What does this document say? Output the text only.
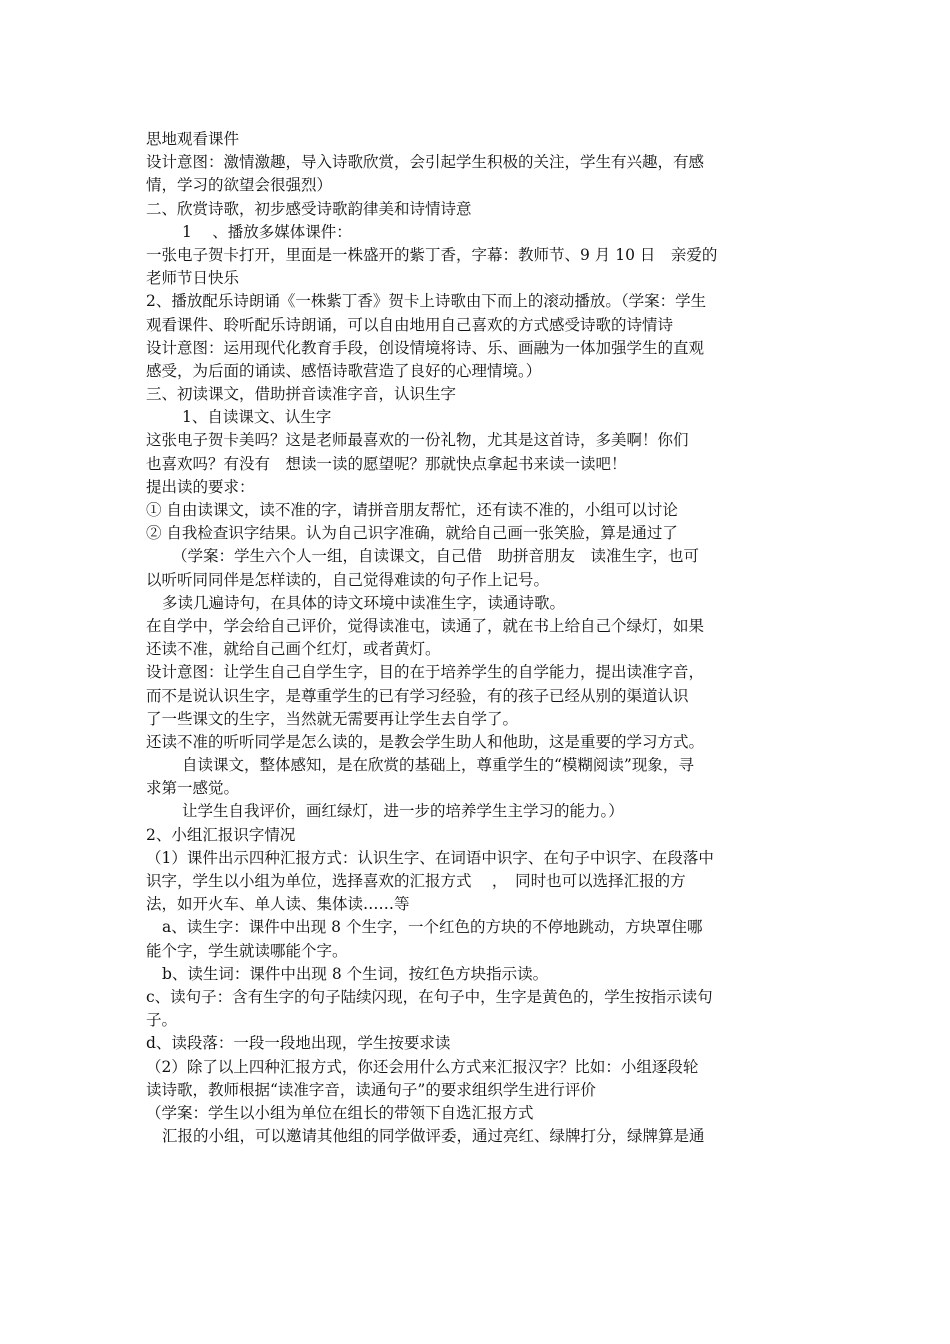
思地观看课件
设计意图：激情激趣，导入诗歌欣赏，会引起学生积极的关注，学生有兴趣，有感
情，学习的欲望会很强烈）
二、欣赏诗歌，初步感受诗歌韵律美和诗情诗意
1　 、播放多媒体课件：
一张电子贺卡打开，里面是一株盛开的紫丁香，字幕：教师节、9 月 10 日　亲爱的
老师节日快乐
2、播放配乐诗朗诵《一株紫丁香》贺卡上诗歌由下而上的滚动播放。（学案：学生
观看课件、聆听配乐诗朗诵，可以自由地用自己喜欢的方式感受诗歌的诗情诗
设计意图：运用现代化教育手段，创设情境将诗、乐、画融为一体加强学生的直观
感受，为后面的诵读、感悟诗歌营造了良好的心理情境。）
三、初读课文，借助拼音读准字音，认识生字
1、自读课文、认生字
这张电子贺卡美吗？这是老师最喜欢的一份礼物，尤其是这首诗，多美啊！你们
也喜欢吗？有没有　想读一读的愿望呢？那就快点拿起书来读一读吧！
提出读的要求：
① 自由读课文，读不准的字，请拼音朋友帮忙，还有读不准的，小组可以讨论
② 自我检查识字结果。认为自己识字准确，就给自己画一张笑脸，算是通过了
（学案：学生六个人一组，自读课文，自己借　助拼音朋友　读准生字，也可
以听听同同伴是怎样读的，自己觉得难读的句子作上记号。
多读几遍诗句，在具体的诗文环境中读准生字，读通诗歌。
在自学中，学会给自己评价，觉得读准屯，读通了，就在书上给自己个绿灯，如果
还读不准，就给自己画个红灯，或者黄灯。
设计意图：让学生自己自学生字，目的在于培养学生的自学能力，提出读准字音，
而不是说认识生字，是尊重学生的已有学习经验，有的孩子已经从别的渠道认识
了一些课文的生字，当然就无需要再让学生去自学了。
还读不准的听听同学是怎么读的，是教会学生助人和他助，这是重要的学习方式。
自读课文，整体感知，是在欣赏的基础上，尊重学生的“模糊阅读”现象，寻
求第一感觉。
让学生自我评价，画红绿灯，进一步的培养学生主学习的能力。）
2、小组汇报识字情况
（1）课件出示四种汇报方式：认识生字、在词语中识字、在句子中识字、在段落中
识字，学生以小组为单位，选择喜欢的汇报方式　 ，　同时也可以选择汇报的方
法，如开火车、单人读、集体读……等
a、读生字：课件中出现 8 个生字，一个红色的方块的不停地跳动，方块罩住哪
能个字，学生就读哪能个字。
b、读生词：课件中出现 8 个生词，按红色方块指示读。
c、读句子：含有生字的句子陆续闪现，在句子中，生字是黄色的，学生按指示读句
子。
d、读段落：一段一段地出现，学生按要求读
（2）除了以上四种汇报方式，你还会用什么方式来汇报汉字？比如：小组逐段轮
读诗歌，教师根据“读准字音，读通句子”的要求组织学生进行评价
（学案：学生以小组为单位在组长的带领下自选汇报方式
汇报的小组，可以邀请其他组的同学做评委，通过亮红、绿牌打分，绿牌算是通
